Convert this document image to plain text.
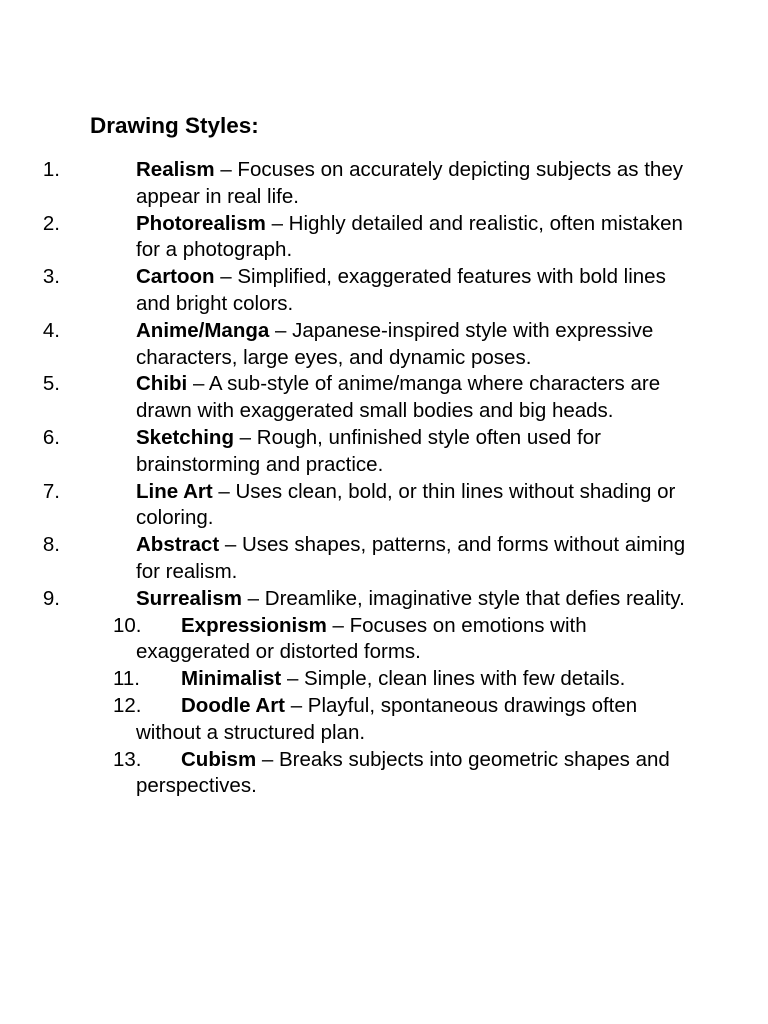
Drawing Styles:
1.	Realism – Focuses on accurately depicting subjects as they appear in real life.
2.	Photorealism – Highly detailed and realistic, often mistaken for a photograph.
3.	Cartoon – Simplified, exaggerated features with bold lines and bright colors.
4.	Anime/Manga – Japanese-inspired style with expressive characters, large eyes, and dynamic poses.
5.	Chibi – A sub-style of anime/manga where characters are drawn with exaggerated small bodies and big heads.
6.	Sketching – Rough, unfinished style often used for brainstorming and practice.
7.	Line Art – Uses clean, bold, or thin lines without shading or coloring.
8.	Abstract – Uses shapes, patterns, and forms without aiming for realism.
9.	Surrealism – Dreamlike, imaginative style that defies reality.
10. Expressionism – Focuses on emotions with exaggerated or distorted forms.
11. Minimalist – Simple, clean lines with few details.
12. Doodle Art – Playful, spontaneous drawings often without a structured plan.
13. Cubism – Breaks subjects into geometric shapes and perspectives.
